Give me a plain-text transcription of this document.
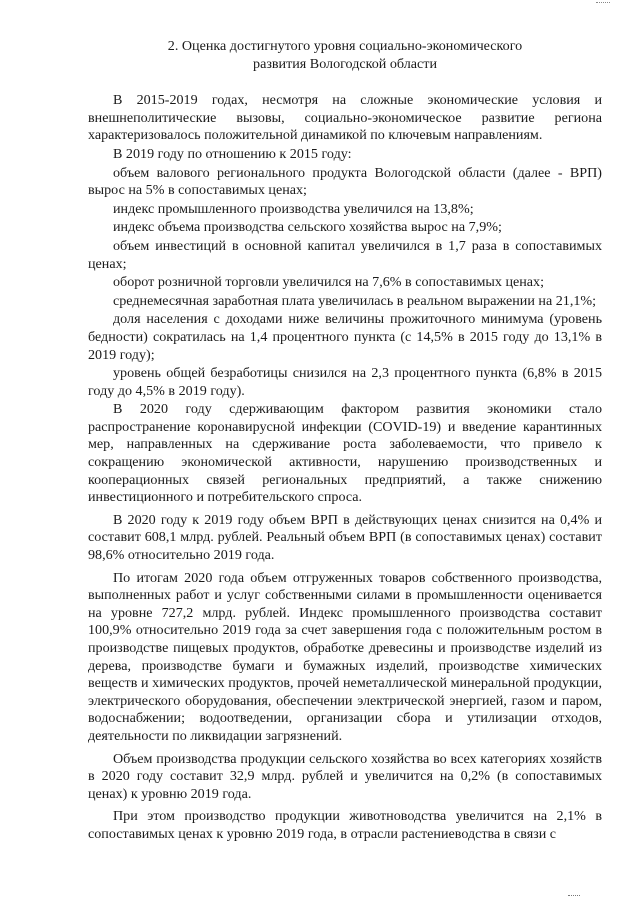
2. Оценка достигнутого уровня социально-экономического
развития Вологодской области

В 2015-2019 годах, несмотря на сложные экономические условия и внешнеполитические вызовы, социально-экономическое развитие региона характеризовалось положительной динамикой по ключевым направлениям.

В 2019 году по отношению к 2015 году:

объем валового регионального продукта Вологодской области (далее - ВРП) вырос на 5% в сопоставимых ценах;

индекс промышленного производства увеличился на 13,8%;

индекс объема производства сельского хозяйства вырос на 7,9%;

объем инвестиций в основной капитал увеличился в 1,7 раза в сопоставимых ценах;

оборот розничной торговли увеличился на 7,6% в сопоставимых ценах;

среднемесячная заработная плата увеличилась в реальном выражении на 21,1%;

доля населения с доходами ниже величины прожиточного минимума (уровень бедности) сократилась на 1,4 процентного пункта (с 14,5% в 2015 году до 13,1% в 2019 году);

уровень общей безработицы снизился на 2,3 процентного пункта (6,8% в 2015 году до 4,5% в 2019 году).

В 2020 году сдерживающим фактором развития экономики стало распространение коронавирусной инфекции (COVID-19) и введение карантинных мер, направленных на сдерживание роста заболеваемости, что привело к сокращению экономической активности, нарушению производственных и кооперационных связей региональных предприятий, а также снижению инвестиционного и потребительского спроса.

В 2020 году к 2019 году объем ВРП в действующих ценах снизится на 0,4% и составит 608,1 млрд. рублей. Реальный объем ВРП (в сопоставимых ценах) составит 98,6% относительно 2019 года.

По итогам 2020 года объем отгруженных товаров собственного производства, выполненных работ и услуг собственными силами в промышленности оценивается на уровне 727,2 млрд. рублей. Индекс промышленного производства составит 100,9% относительно 2019 года за счет завершения года с положительным ростом в производстве пищевых продуктов, обработке древесины и производстве изделий из дерева, производстве бумаги и бумажных изделий, производстве химических веществ и химических продуктов, прочей неметаллической минеральной продукции, электрического оборудования, обеспечении электрической энергией, газом и паром, водоснабжении; водоотведении, организации сбора и утилизации отходов, деятельности по ликвидации загрязнений.

Объем производства продукции сельского хозяйства во всех категориях хозяйств в 2020 году составит 32,9 млрд. рублей и увеличится на 0,2% (в сопоставимых ценах) к уровню 2019 года.

При этом производство продукции животноводства увеличится на 2,1% в сопоставимых ценах к уровню 2019 года, в отрасли растениеводства в связи с
